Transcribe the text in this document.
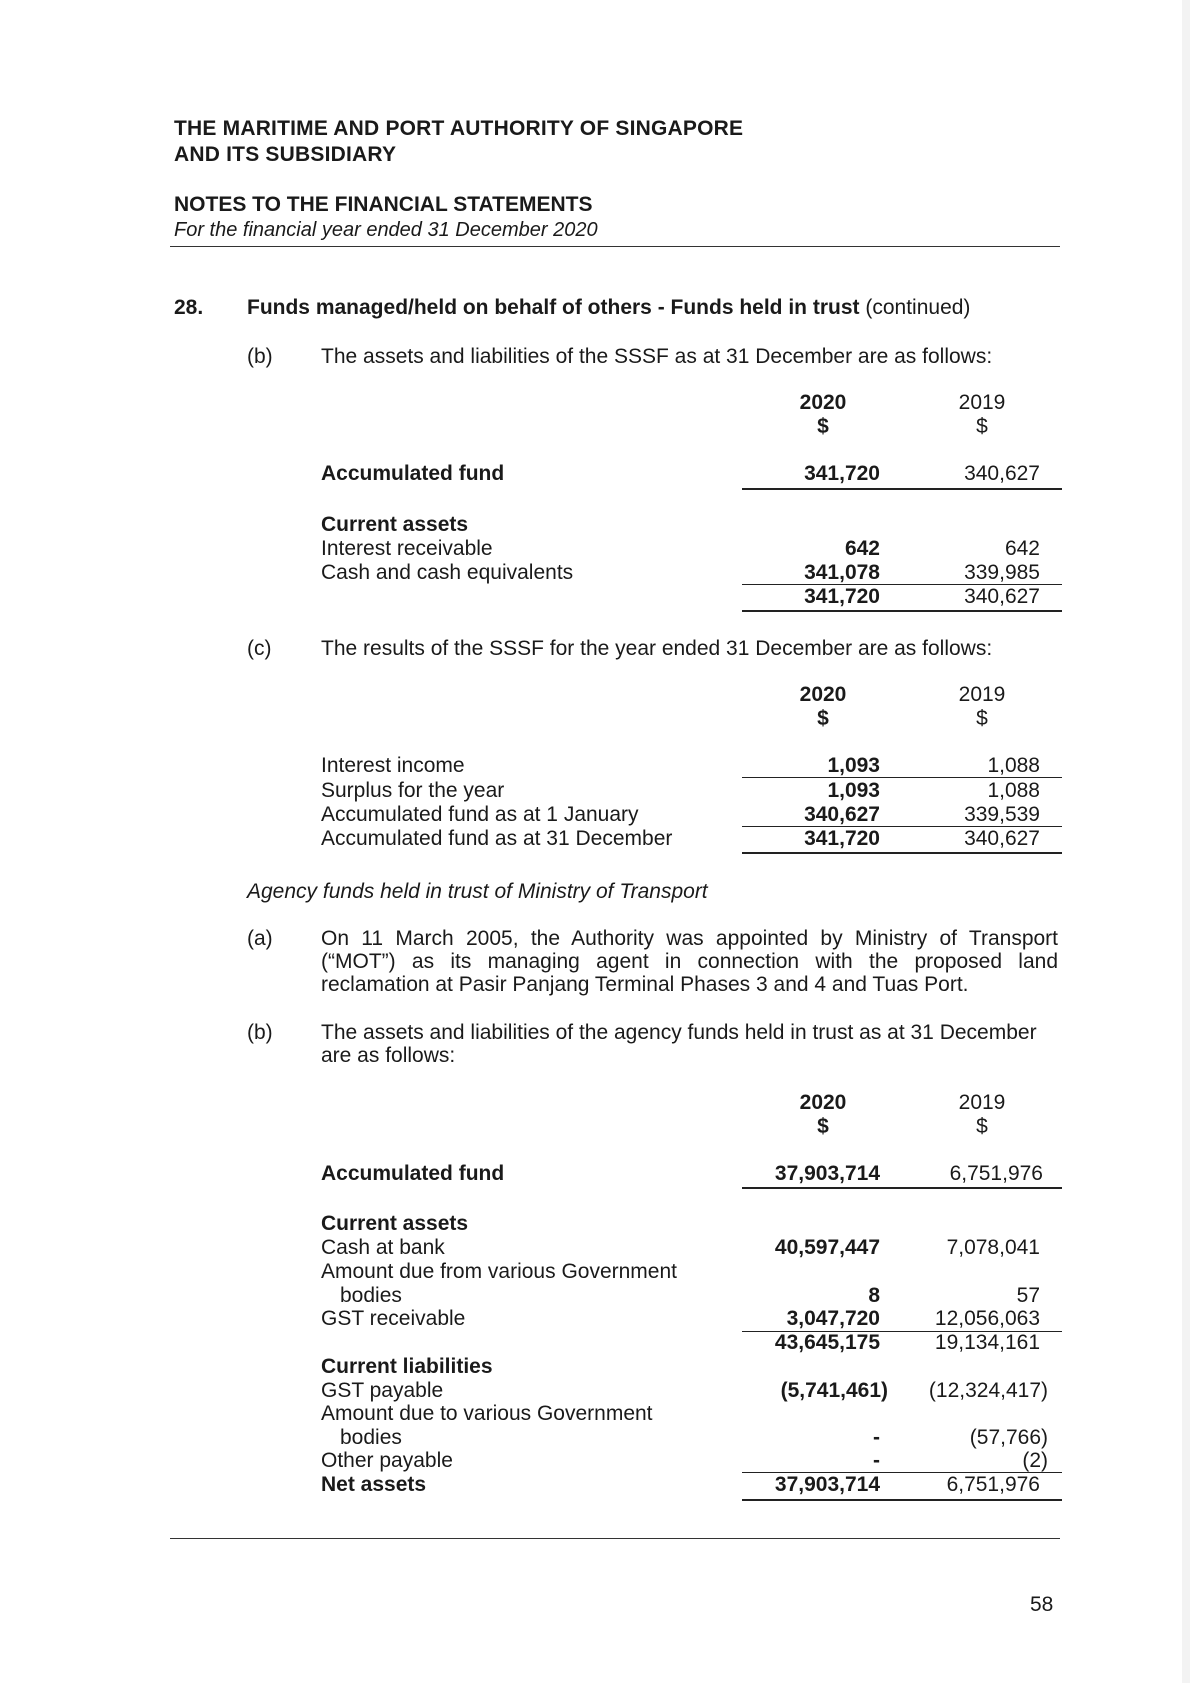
THE MARITIME AND PORT AUTHORITY OF SINGAPORE
AND ITS SUBSIDIARY
NOTES TO THE FINANCIAL STATEMENTS
For the financial year ended 31 December 2020
28. Funds managed/held on behalf of others - Funds held in trust (continued)
(b) The assets and liabilities of the SSSF as at 31 December are as follows:
2020	2019
$	$
Accumulated fund	341,720	340,627
Current assets
Interest receivable	642	642
Cash and cash equivalents	341,078	339,985
341,720	340,627
(c) The results of the SSSF for the year ended 31 December are as follows:
2020	2019
$	$
Interest income	1,093	1,088
Surplus for the year	1,093	1,088
Accumulated fund as at 1 January	340,627	339,539
Accumulated fund as at 31 December	341,720	340,627
Agency funds held in trust of Ministry of Transport
(a) On 11 March 2005, the Authority was appointed by Ministry of Transport (“MOT”) as its managing agent in connection with the proposed land reclamation at Pasir Panjang Terminal Phases 3 and 4 and Tuas Port.
(b) The assets and liabilities of the agency funds held in trust as at 31 December are as follows:
2020	2019
$	$
Accumulated fund	37,903,714	6,751,976
Current assets
Cash at bank	40,597,447	7,078,041
Amount due from various Government
bodies	8	57
GST receivable	3,047,720	12,056,063
43,645,175	19,134,161
Current liabilities
GST payable	(5,741,461)	(12,324,417)
Amount due to various Government
bodies	-	(57,766)
Other payable	-	(2)
Net assets	37,903,714	6,751,976
58
